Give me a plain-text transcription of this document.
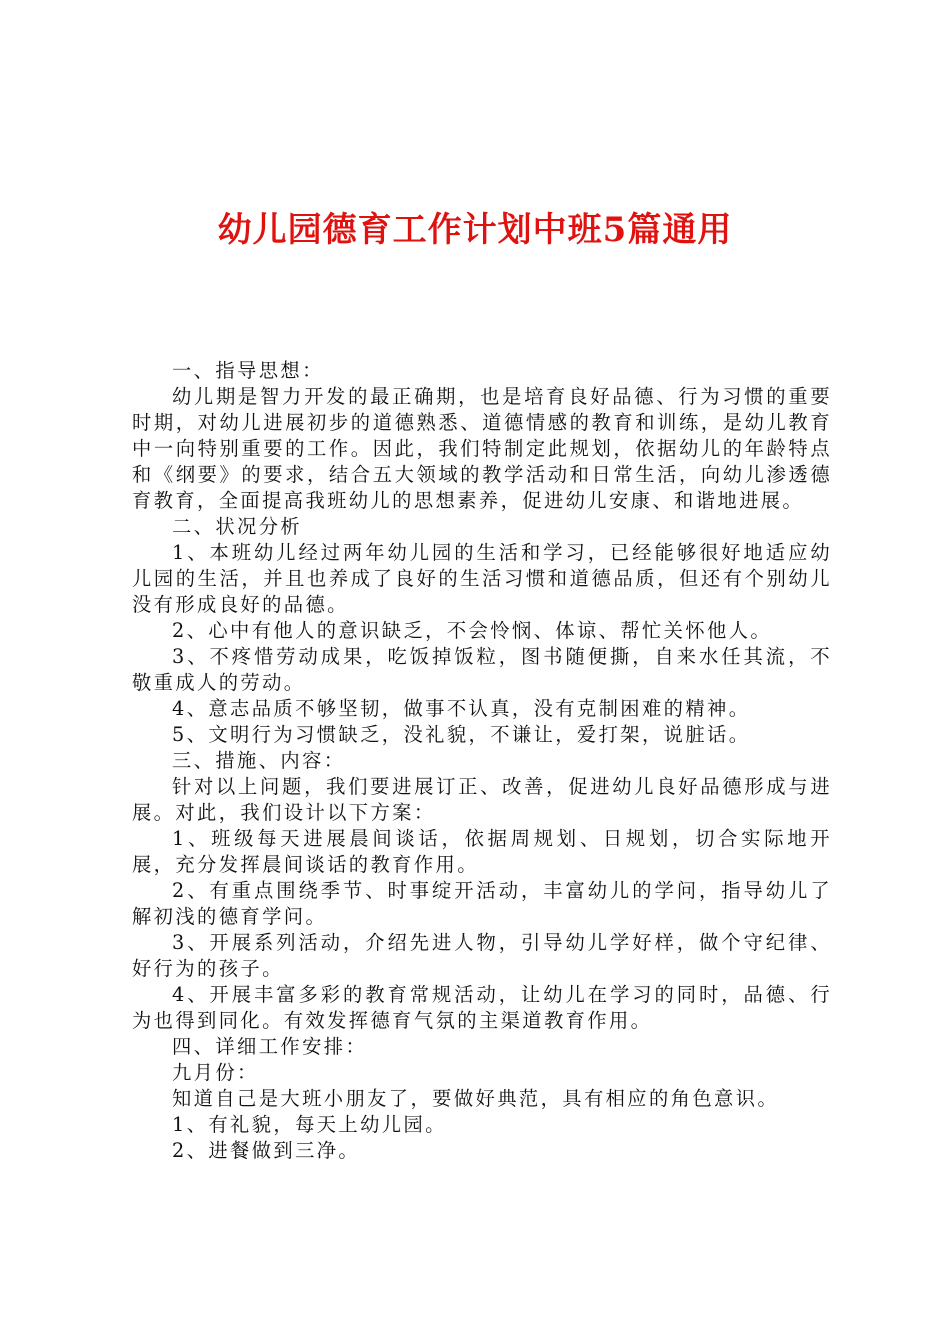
幼儿园德育工作计划中班5篇通用

一、指导思想：

幼儿期是智力开发的最正确期，也是培育良好品德、行为习惯的重要时期，对幼儿进展初步的道德熟悉、道德情感的教育和训练，是幼儿教育中一向特别重要的工作。因此，我们特制定此规划，依据幼儿的年龄特点和《纲要》的要求，结合五大领域的教学活动和日常生活，向幼儿渗透德育教育，全面提高我班幼儿的思想素养，促进幼儿安康、和谐地进展。

二、状况分析

1、本班幼儿经过两年幼儿园的生活和学习，已经能够很好地适应幼儿园的生活，并且也养成了良好的生活习惯和道德品质，但还有个别幼儿没有形成良好的品德。

2、心中有他人的意识缺乏，不会怜悯、体谅、帮忙关怀他人。

3、不疼惜劳动成果，吃饭掉饭粒，图书随便撕，自来水任其流，不敬重成人的劳动。

4、意志品质不够坚韧，做事不认真，没有克制困难的精神。

5、文明行为习惯缺乏，没礼貌，不谦让，爱打架，说脏话。

三、措施、内容：

针对以上问题，我们要进展订正、改善，促进幼儿良好品德形成与进展。对此，我们设计以下方案：

1、班级每天进展晨间谈话，依据周规划、日规划，切合实际地开展，充分发挥晨间谈话的教育作用。

2、有重点围绕季节、时事绽开活动，丰富幼儿的学问，指导幼儿了解初浅的德育学问。

3、开展系列活动，介绍先进人物，引导幼儿学好样，做个守纪律、好行为的孩子。

4、开展丰富多彩的教育常规活动，让幼儿在学习的同时，品德、行为也得到同化。有效发挥德育气氛的主渠道教育作用。

四、详细工作安排：

九月份：

知道自己是大班小朋友了，要做好典范，具有相应的角色意识。

1、有礼貌，每天上幼儿园。

2、进餐做到三净。
